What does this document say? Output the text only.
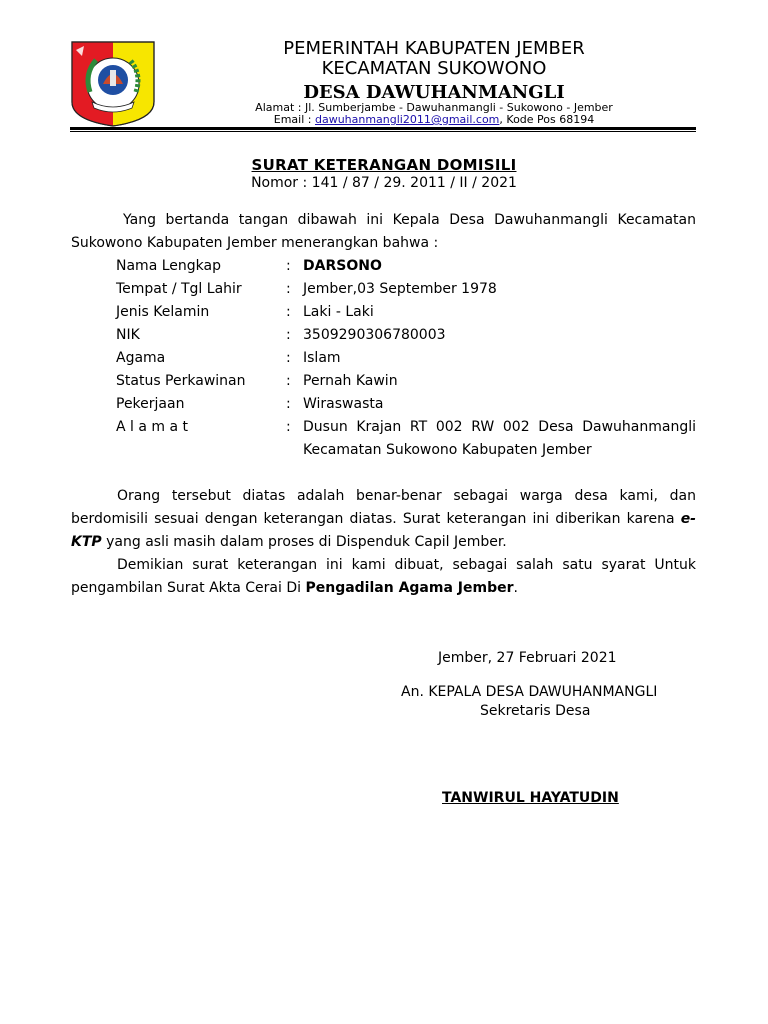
PEMERINTAH KABUPATEN JEMBER
KECAMATAN SUKOWONO
DESA DAWUHANMANGLI
Alamat : Jl. Sumberjambe - Dawuhanmangli - Sukowono - Jember
Email : dawuhanmangli2011@gmail.com, Kode Pos 68194
SURAT KETERANGAN DOMISILI
Nomor : 141 / 87 / 29. 2011 / II / 2021
Yang bertanda tangan dibawah ini Kepala Desa Dawuhanmangli Kecamatan Sukowono Kabupaten Jember menerangkan bahwa :
Nama Lengkap	: DARSONO
Tempat / Tgl Lahir	: Jember,03 September 1978
Jenis Kelamin	: Laki - Laki
NIK	: 3509290306780003
Agama	: Islam
Status Perkawinan	: Pernah Kawin
Pekerjaan	: Wiraswasta
A l a m a t	: Dusun Krajan RT 002 RW 002 Desa Dawuhanmangli Kecamatan Sukowono Kabupaten Jember
Orang tersebut diatas adalah benar-benar sebagai warga desa kami, dan berdomisili sesuai dengan keterangan diatas. Surat keterangan ini diberikan karena e-KTP yang asli masih dalam proses di Dispenduk Capil Jember.
Demikian surat keterangan ini kami dibuat, sebagai salah satu syarat Untuk pengambilan Surat Akta Cerai Di Pengadilan Agama Jember.
Jember, 27 Februari 2021
An. KEPALA DESA DAWUHANMANGLI
Sekretaris Desa
TANWIRUL HAYATUDIN
